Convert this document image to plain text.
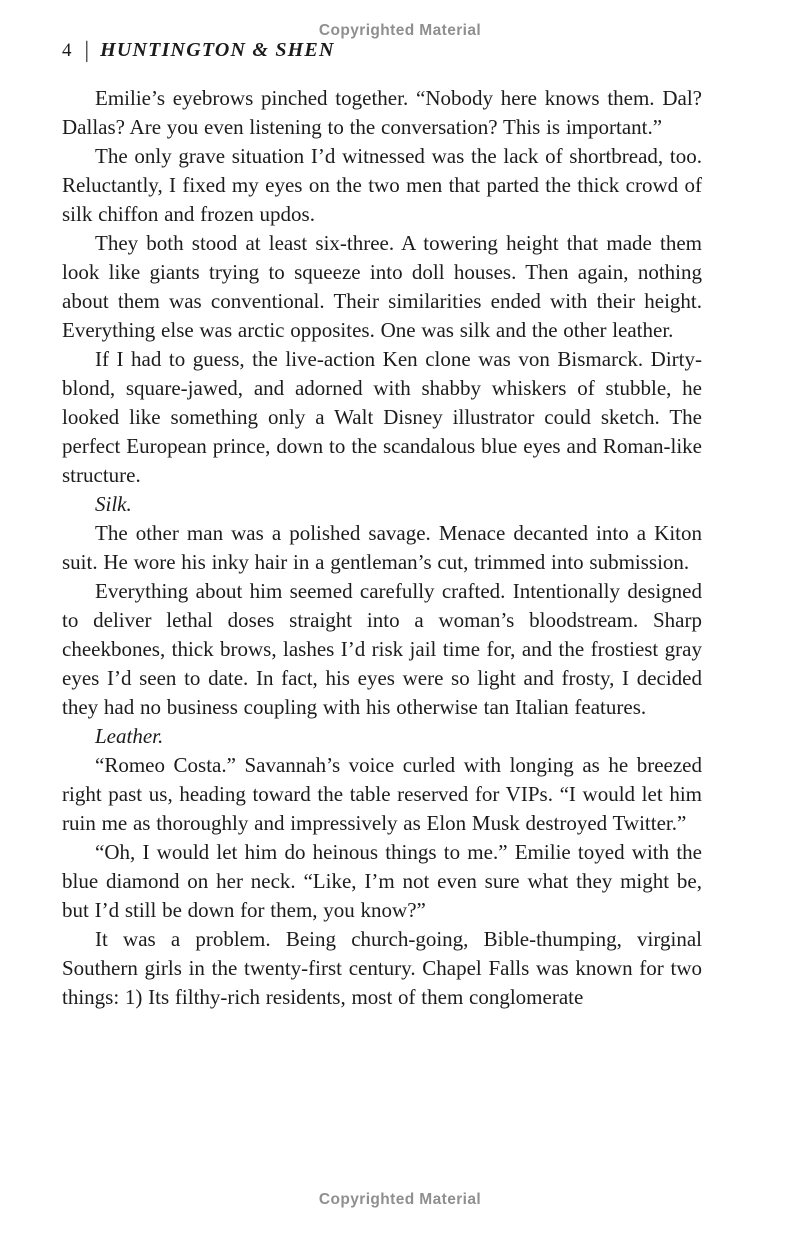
Copyrighted Material
4 | HUNTINGTON & SHEN

Emilie’s eyebrows pinched together. “Nobody here knows them. Dal? Dallas? Are you even listening to the conversation? This is important.”

The only grave situation I’d witnessed was the lack of shortbread, too. Reluctantly, I fixed my eyes on the two men that parted the thick crowd of silk chiffon and frozen updos.

They both stood at least six-three. A towering height that made them look like giants trying to squeeze into doll houses. Then again, nothing about them was conventional. Their similarities ended with their height. Everything else was arctic opposites. One was silk and the other leather.

If I had to guess, the live-action Ken clone was von Bismarck. Dirty-blond, square-jawed, and adorned with shabby whiskers of stubble, he looked like something only a Walt Disney illustrator could sketch. The perfect European prince, down to the scandalous blue eyes and Roman-like structure.

Silk.

The other man was a polished savage. Menace decanted into a Kiton suit. He wore his inky hair in a gentleman’s cut, trimmed into submission.

Everything about him seemed carefully crafted. Intentionally designed to deliver lethal doses straight into a woman’s bloodstream. Sharp cheekbones, thick brows, lashes I’d risk jail time for, and the frostiest gray eyes I’d seen to date. In fact, his eyes were so light and frosty, I decided they had no business coupling with his otherwise tan Italian features.

Leather.

“Romeo Costa.” Savannah’s voice curled with longing as he breezed right past us, heading toward the table reserved for VIPs. “I would let him ruin me as thoroughly and impressively as Elon Musk destroyed Twitter.”

“Oh, I would let him do heinous things to me.” Emilie toyed with the blue diamond on her neck. “Like, I’m not even sure what they might be, but I’d still be down for them, you know?”

It was a problem. Being church-going, Bible-thumping, virginal Southern girls in the twenty-first century. Chapel Falls was known for two things: 1) Its filthy-rich residents, most of them conglomerate

Copyrighted Material
